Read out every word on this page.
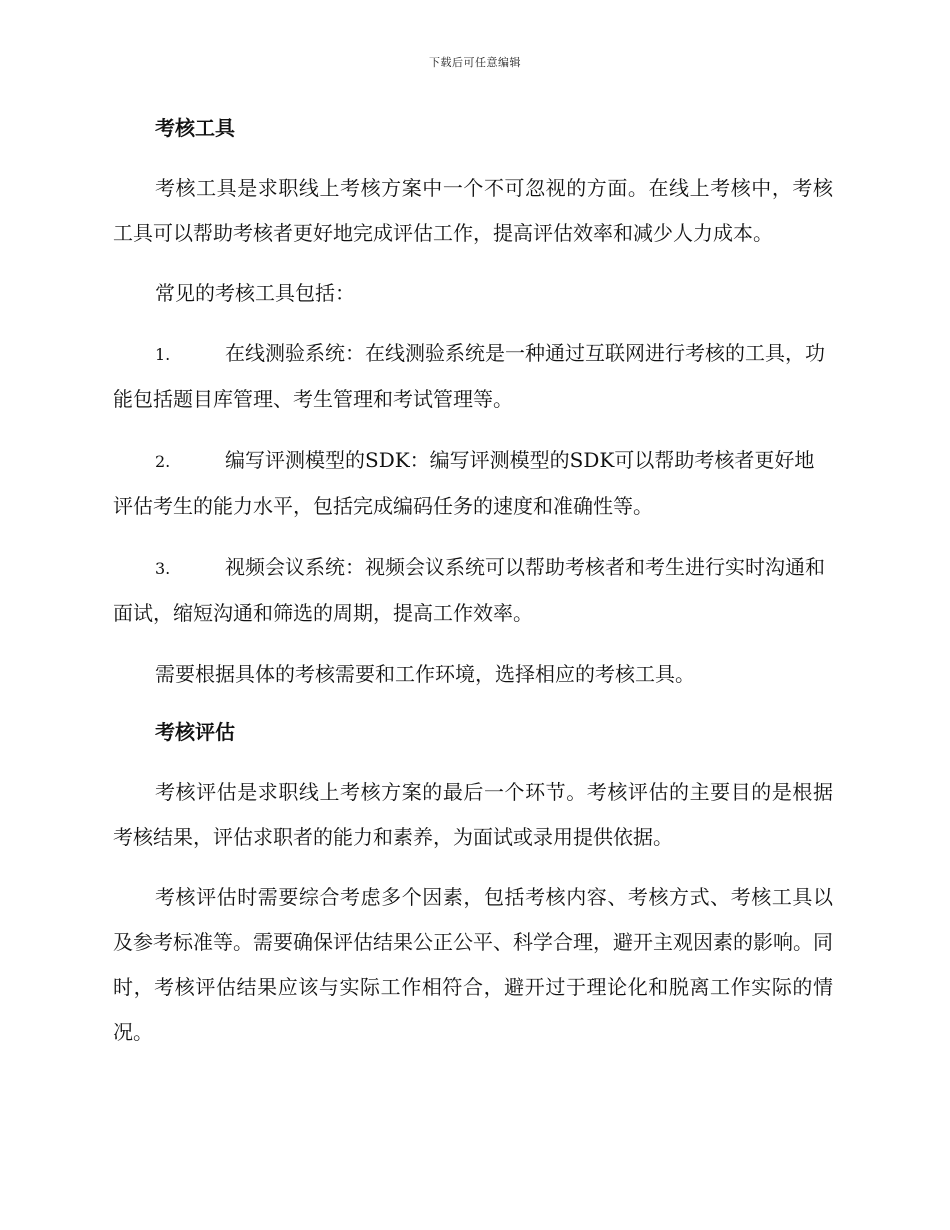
下载后可任意编辑
考核工具

考核工具是求职线上考核方案中一个不可忽视的方面。在线上考核中，考核工具可以帮助考核者更好地完成评估工作，提高评估效率和减少人力成本。

常见的考核工具包括：

1.	在线测验系统：在线测验系统是一种通过互联网进行考核的工具，功能包括题目库管理、考生管理和考试管理等。
2.	编写评测模型的SDK：编写评测模型的SDK可以帮助考核者更好地评估考生的能力水平，包括完成编码任务的速度和准确性等。
3.	视频会议系统：视频会议系统可以帮助考核者和考生进行实时沟通和面试，缩短沟通和筛选的周期，提高工作效率。

需要根据具体的考核需要和工作环境，选择相应的考核工具。

考核评估

考核评估是求职线上考核方案的最后一个环节。考核评估的主要目的是根据考核结果，评估求职者的能力和素养，为面试或录用提供依据。

考核评估时需要综合考虑多个因素，包括考核内容、考核方式、考核工具以及参考标准等。需要确保评估结果公正公平、科学合理，避开主观因素的影响。同时，考核评估结果应该与实际工作相符合，避开过于理论化和脱离工作实际的情况。
